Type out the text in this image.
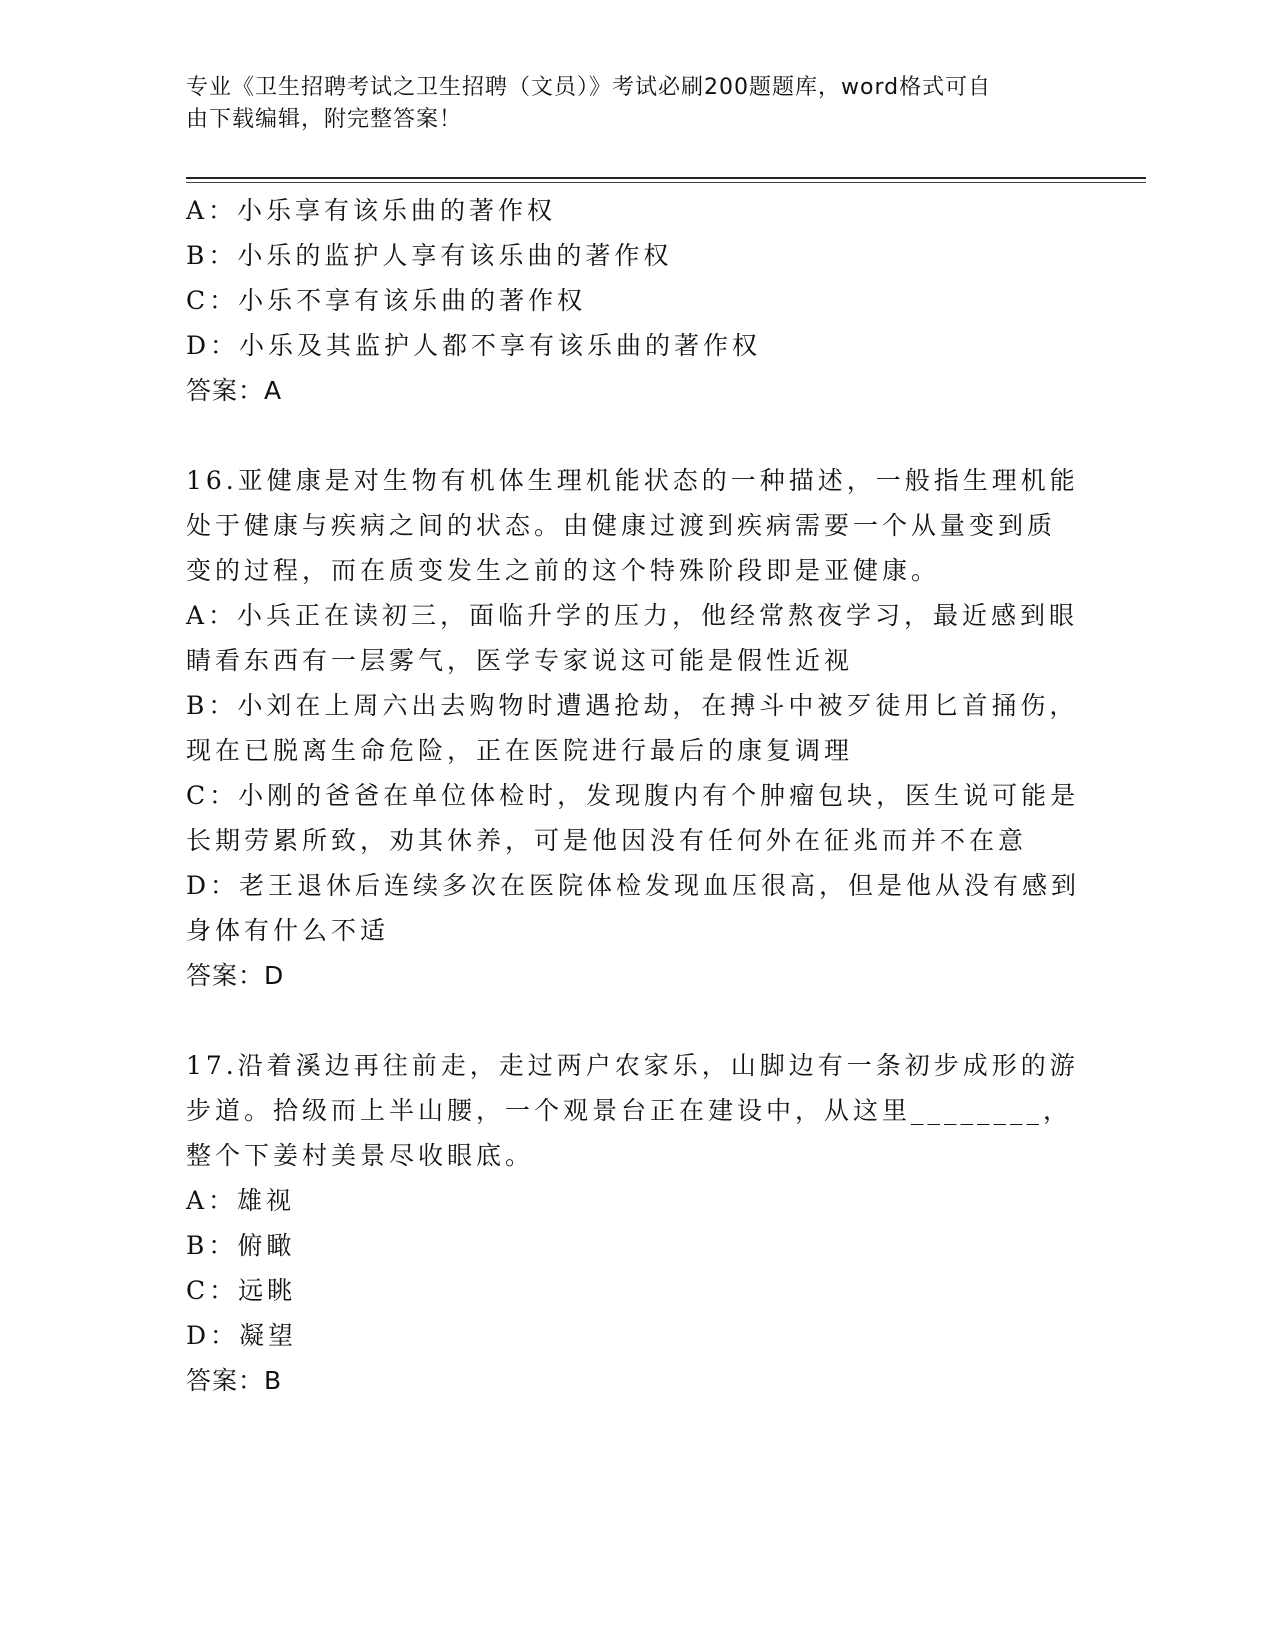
专业《卫生招聘考试之卫生招聘（文员）》考试必刷200题题库，word格式可自
由下载编辑，附完整答案！

A：小乐享有该乐曲的著作权

B：小乐的监护人享有该乐曲的著作权

C：小乐不享有该乐曲的著作权

D：小乐及其监护人都不享有该乐曲的著作权

答案：A

16.亚健康是对生物有机体生理机能状态的一种描述，一般指生理机能

处于健康与疾病之间的状态。由健康过渡到疾病需要一个从量变到质

变的过程，而在质变发生之前的这个特殊阶段即是亚健康。

A：小兵正在读初三，面临升学的压力，他经常熬夜学习，最近感到眼

睛看东西有一层雾气，医学专家说这可能是假性近视

B：小刘在上周六出去购物时遭遇抢劫，在搏斗中被歹徒用匕首捅伤，

现在已脱离生命危险，正在医院进行最后的康复调理

C：小刚的爸爸在单位体检时，发现腹内有个肿瘤包块，医生说可能是

长期劳累所致，劝其休养，可是他因没有任何外在征兆而并不在意

D：老王退休后连续多次在医院体检发现血压很高，但是他从没有感到

身体有什么不适

答案：D

17.沿着溪边再往前走，走过两户农家乐，山脚边有一条初步成形的游

步道。拾级而上半山腰，一个观景台正在建设中，从这里________，

整个下姜村美景尽收眼底。

A：雄视

B：俯瞰

C：远眺

D：凝望

答案：B
